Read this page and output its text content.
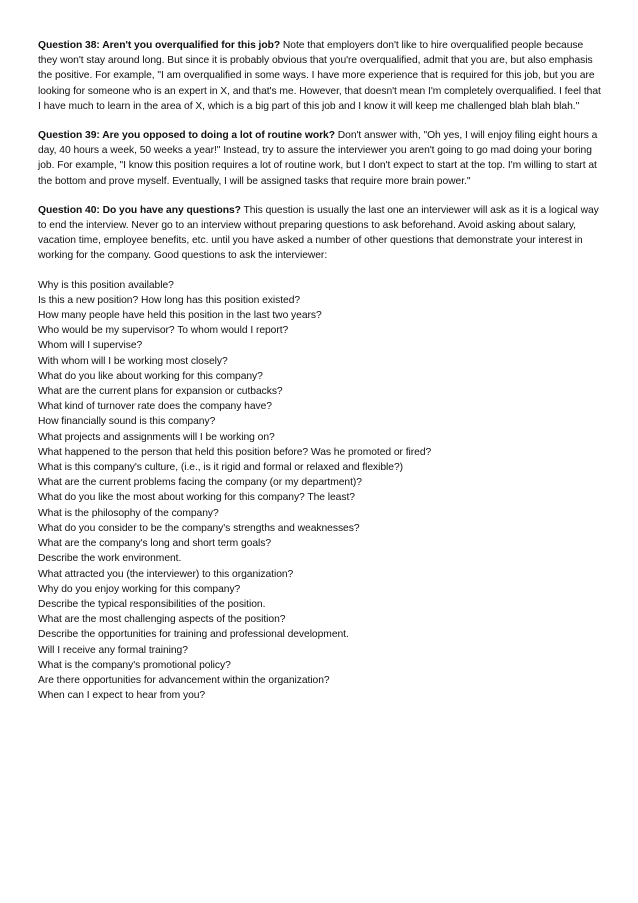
Question 38: Aren't you overqualified for this job? Note that employers don't like to hire overqualified people because they won't stay around long. But since it is probably obvious that you're overqualified, admit that you are, but also emphasis the positive. For example, "I am overqualified in some ways. I have more experience that is required for this job, but you are looking for someone who is an expert in X, and that's me. However, that doesn't mean I'm completely overqualified. I feel that I have much to learn in the area of X, which is a big part of this job and I know it will keep me challenged blah blah blah."

Question 39: Are you opposed to doing a lot of routine work? Don't answer with, "Oh yes, I will enjoy filing eight hours a day, 40 hours a week, 50 weeks a year!" Instead, try to assure the interviewer you aren't going to go mad doing your boring job. For example, "I know this position requires a lot of routine work, but I don't expect to start at the top. I'm willing to start at the bottom and prove myself. Eventually, I will be assigned tasks that require more brain power."

Question 40: Do you have any questions? This question is usually the last one an interviewer will ask as it is a logical way to end the interview. Never go to an interview without preparing questions to ask beforehand. Avoid asking about salary, vacation time, employee benefits, etc. until you have asked a number of other questions that demonstrate your interest in working for the company. Good questions to ask the interviewer:

Why is this position available?
Is this a new position? How long has this position existed?
How many people have held this position in the last two years?
Who would be my supervisor? To whom would I report?
Whom will I supervise?
With whom will I be working most closely?
What do you like about working for this company?
What are the current plans for expansion or cutbacks?
What kind of turnover rate does the company have?
How financially sound is this company?
What projects and assignments will I be working on?
What happened to the person that held this position before? Was he promoted or fired?
What is this company's culture, (i.e., is it rigid and formal or relaxed and flexible?)
What are the current problems facing the company (or my department)?
What do you like the most about working for this company? The least?
What is the philosophy of the company?
What do you consider to be the company's strengths and weaknesses?
What are the company's long and short term goals?
Describe the work environment.
What attracted you (the interviewer) to this organization?
Why do you enjoy working for this company?
Describe the typical responsibilities of the position.
What are the most challenging aspects of the position?
Describe the opportunities for training and professional development.
Will I receive any formal training?
What is the company's promotional policy?
Are there opportunities for advancement within the organization?
When can I expect to hear from you?
